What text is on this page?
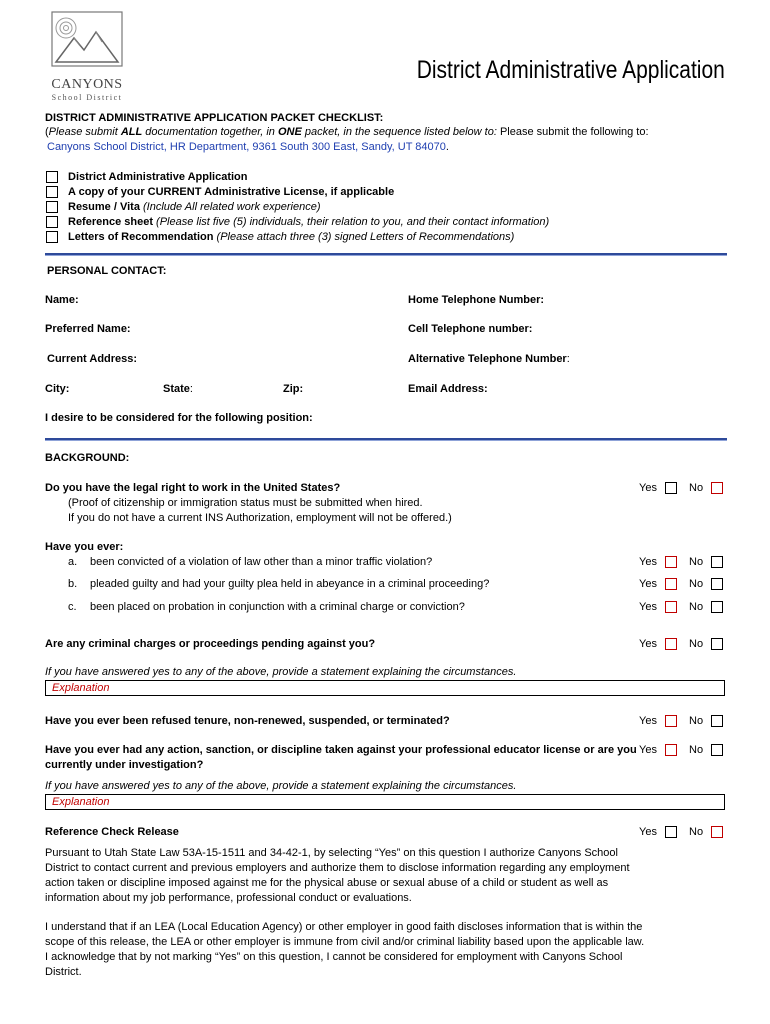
CANYONS
School District
District Administrative Application
DISTRICT ADMINISTRATIVE APPLICATION PACKET CHECKLIST:
(Please submit ALL documentation together, in ONE packet, in the sequence listed below to: Please submit the following to:
Canyons School District, HR Department, 9361 South 300 East, Sandy, UT 84070.
District Administrative Application
A copy of your CURRENT Administrative License, if applicable
Resume / Vita (Include All related work experience)
Reference sheet (Please list five (5) individuals, their relation to you, and their contact information)
Letters of Recommendation (Please attach three (3) signed Letters of Recommendations)
PERSONAL CONTACT:
Name:	Home Telephone Number:
Preferred Name:	Cell Telephone number:
Current Address:	Alternative Telephone Number:
City:	State:	Zip:	Email Address:
I desire to be considered for the following position:
BACKGROUND:
Do you have the legal right to work in the United States?
(Proof of citizenship or immigration status must be submitted when hired.
If you do not have a current INS Authorization, employment will not be offered.)
Yes	No
Have you ever:
a. been convicted of a violation of law other than a minor traffic violation?	Yes	No
b. pleaded guilty and had your guilty plea held in abeyance in a criminal proceeding?	Yes	No
c. been placed on probation in conjunction with a criminal charge or conviction?	Yes	No
Are any criminal charges or proceedings pending against you?	Yes	No
If you have answered yes to any of the above, provide a statement explaining the circumstances.
Explanation
Have you ever been refused tenure, non-renewed, suspended, or terminated?	Yes	No
Have you ever had any action, sanction, or discipline taken against your professional educator license or are you
currently under investigation?
Yes	No
If you have answered yes to any of the above, provide a statement explaining the circumstances.
Explanation
Reference Check Release	Yes	No
Pursuant to Utah State Law 53A-15-1511 and 34-42-1, by selecting “Yes” on this question I authorize Canyons School District to contact current and previous employers and authorize them to disclose information regarding any employment action taken or discipline imposed against me for the physical abuse or sexual abuse of a child or student as well as information about my job performance, professional conduct or evaluations.
I understand that if an LEA (Local Education Agency) or other employer in good faith discloses information that is within the scope of this release, the LEA or other employer is immune from civil and/or criminal liability based upon the applicable law. I acknowledge that by not marking “Yes” on this question, I cannot be considered for employment with Canyons School District.
